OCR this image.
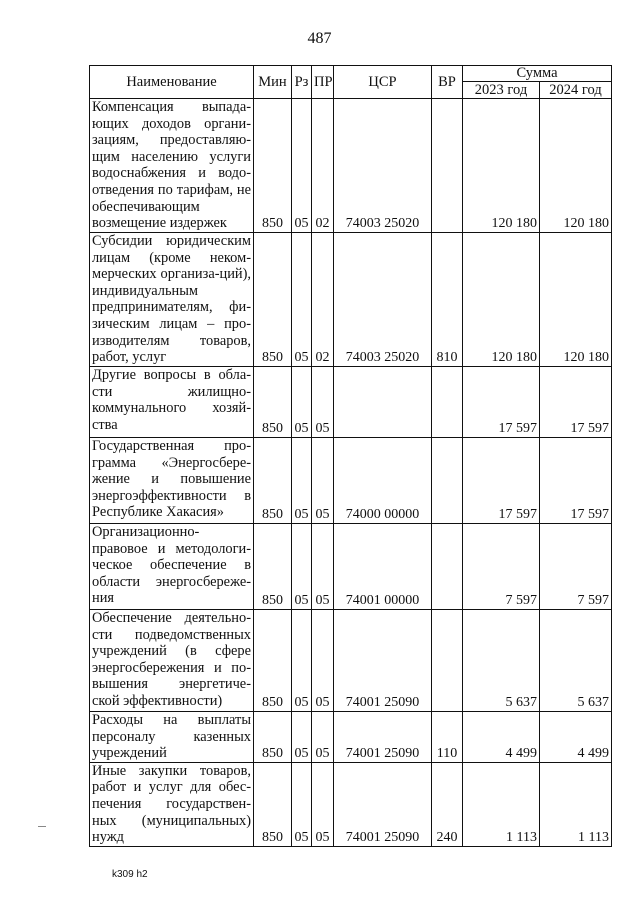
487
Наименование	Мин	Рз	ПР	ЦСР	ВР	Сумма	
						2023 год	2024 год
Компенсация выпада-ющих доходов органи-зациям, предоставляю-щим населению услуги водоснабжения и водо-отведения по тарифам, не обеспечивающим возмещение издержек	850	05	02	74003 25020		120 180	120 180
Субсидии юридическим лицам (кроме неком-мерческих организа-ций), индивидуальным предпринимателям, фи-зическим лицам – про-изводителям товаров, работ, услуг	850	05	02	74003 25020	810	120 180	120 180
Другие вопросы в обла-сти жилищно-коммунального хозяй-ства	850	05	05			17 597	17 597
Государственная про-грамма «Энергосбере-жение и повышение энергоэффективности в Республике Хакасия»	850	05	05	74000 00000		17 597	17 597
Организационно-правовое и методологи-ческое обеспечение в области энергосбереже-ния	850	05	05	74001 00000		7 597	7 597
Обеспечение деятельно-сти подведомственных учреждений (в сфере энергосбережения и по-вышения энергетиче-ской эффективности)	850	05	05	74001 25090		5 637	5 637
Расходы на выплаты персоналу казенных учреждений	850	05	05	74001 25090	110	4 499	4 499
Иные закупки товаров, работ и услуг для обес-печения государствен-ных (муниципальных) нужд	850	05	05	74001 25090	240	1 113	1 113
k309 h2
